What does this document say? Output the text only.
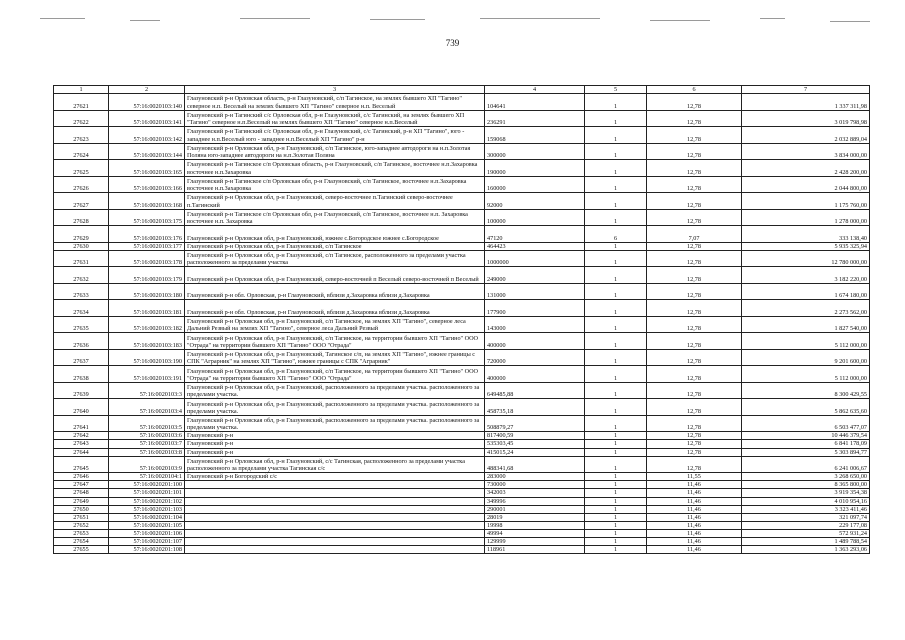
739
1	2	3	4	5	6	7
27621	57:16:0020103:140	Глазуновский р-н Орловская область, р-н Глазуновский, с/п Тагинское, на землях бывшего ХП "Тагино" северное н.п. Веселый на землях бывшего ХП "Тагино" северное н.п. Веселый	104641	1	12,78	1 337 311,98
27622	57:16:0020103:141	Глазуновский р-н Тагинский с/с Орловская обл, р-н Глазуновский, с/с Тагинский, на землях бывшего ХП "Тагино" северное н.п.Веселый на землях бывшего ХП "Тагино" северное н.п.Веселый	236291	1	12,78	3 019 798,98
27623	57:16:0020103:142	Глазуновский р-н Тагинский с/с Орловская обл, р-н Глазуновский, с/с Тагинский, р-н ХП "Тагино", юго - западнее н.п.Веселый юго - западнее н.п.Веселый ХП "Тагино" р-н	159068	1	12,78	2 032 889,04
27624	57:16:0020103:144	Глазуновский р-н Орловская обл, р-н Глазуновский, с/п Тагинское, юго-западнее автодороги на н.п.Золотая Поляна юго-западнее автодороги на н.п.Золотая Поляна	300000	1	12,78	3 834 000,00
27625	57:16:0020103:165	Глазуновский р-н Тагинское с/п Орловская область, р-н Глазуновский, с/п Тагинское, восточнее н.п.Захаровка восточнее н.п.Захаровка	190000	1	12,78	2 428 200,00
27626	57:16:0020103:166	Глазуновский р-н Тагинское с/п Орловская обл, р-н Глазуновский, с/п Тагинское, восточнее н.п.Захаровка восточнее н.п.Захаровка	160000	1	12,78	2 044 800,00
27627	57:16:0020103:168	Глазуновский р-н Орловская обл, р-н Глазуновский, северо-восточнее п.Тагинский северо-восточнее п.Тагинский	92000	1	12,78	1 175 760,00
27628	57:16:0020103:175	Глазуновский р-н Тагинское с/п Орловская обл, р-н Глазуновский, с/п Тагинское, восточнее н.п. Захаровка восточнее н.п. Захаровка	100000	1	12,78	1 278 000,00
27629	57:16:0020103:176	Глазуновский р-н Орловская обл, р-н Глазуновский, южнее с.Богородское южнее с.Богородское	47120	6	7,07	333 138,40
27630	57:16:0020103:177	Глазуновский р-н Орловская обл, р-н Глазуновский, с/п Тагинское	464423	1	12,78	5 935 325,94
27631	57:16:0020103:178	Глазуновский р-н Орловская обл, р-н Глазуновский, с/п Тагинское, расположенного за пределами участка расположенного за пределами участка	1000000	1	12,78	12 780 000,00
27632	57:16:0020103:179	Глазуновский р-н Орловская обл, р-н Глазуновский, северо-восточней п Веселый северо-восточней п Веселый	249000	1	12,78	3 182 220,00
27633	57:16:0020103:180	Глазуновский р-н обл. Орловская, р-н Глазуновский, вблизи д.Захаровка вблизи д.Захаровка	131000	1	12,78	1 674 180,00
27634	57:16:0020103:181	Глазуновский р-н обл. Орловская, р-н Глазуновский, вблизи д.Захаровка вблизи д.Захаровка	177900	1	12,78	2 273 562,00
27635	57:16:0020103:182	Глазуновский р-н Орловская обл, р-н Глазуновский, с/п Тагинское, на землях ХП "Тагино", северное леса Дальний Резвый на землях ХП "Тагино", северное леса Дальний Резвый	143000	1	12,78	1 827 540,00
27636	57:16:0020103:183	Глазуновский р-н Орловская обл, р-н Глазуновский, с/п Тагинское, на территории бывшего ХП "Тагино" ООО "Отрада" на территории бывшего ХП "Тагино" ООО "Отрада"	400000	1	12,78	5 112 000,00
27637	57:16:0020103:190	Глазуновский р-н Орловская обл, р-н Глазуновский, Тагинское с/п, на землях ХП "Тагино", южнее границы с СПК "Аграрник" на землях ХП "Тагино", южнее границы с СПК "Аграрник"	720000	1	12,78	9 201 600,00
27638	57:16:0020103:191	Глазуновский р-н Орловская обл, р-н Глазуновский, с/п Тагинское, на территории бывшего ХП "Тагино" ООО "Отрада" на территории бывшего ХП "Тагино" ООО "Отрада"	400000	1	12,78	5 112 000,00
27639	57:16:0020103:3	Глазуновский р-н Орловская обл, р-н Глазуновский, расположенного за пределами участка. расположенного за пределами участка.	649485,88	1	12,78	8 300 429,55
27640	57:16:0020103:4	Глазуновский р-н Орловская обл, р-н Глазуновский, расположенного за пределами участка. расположенного за пределами участка.	458735,18	1	12,78	5 862 635,60
27641	57:16:0020103:5	Глазуновский р-н Орловская обл, р-н Глазуновский, расположенного за пределами участка. расположенного за пределами участка.	508879,27	1	12,78	6 503 477,07
27642	57:16:0020103:6	Глазуновский р-н	817400,59	1	12,78	10 446 379,54
27643	57:16:0020103:7	Глазуновский р-н	535303,45	1	12,78	6 841 178,09
27644	57:16:0020103:8	Глазуновский р-н	415015,24	1	12,78	5 303 894,77
27645	57:16:0020103:9	Глазуновский р-н Орловская обл, р-н Глазуновский, с/с Тагинская, расположенного за пределами участка расположенного за пределами участка Тагинская с/с	488341,68	1	12,78	6 241 006,67
27646	57:16:0020104:1	Глазуновский р-н Богородский с/с	283000	1	11,55	3 268 650,00
27647	57:16:0020201:100		730000	1	11,46	8 365 800,00
27648	57:16:0020201:101		342003	1	11,46	3 919 354,38
27649	57:16:0020201:102		349996	1	11,46	4 010 954,16
27650	57:16:0020201:103		290001	1	11,46	3 323 411,46
27651	57:16:0020201:104		28019	1	11,46	321 097,74
27652	57:16:0020201:105		19998	1	11,46	229 177,08
27653	57:16:0020201:106		49994	1	11,46	572 931,24
27654	57:16:0020201:107		129999	1	11,46	1 489 788,54
27655	57:16:0020201:108		118961	1	11,46	1 363 293,06
